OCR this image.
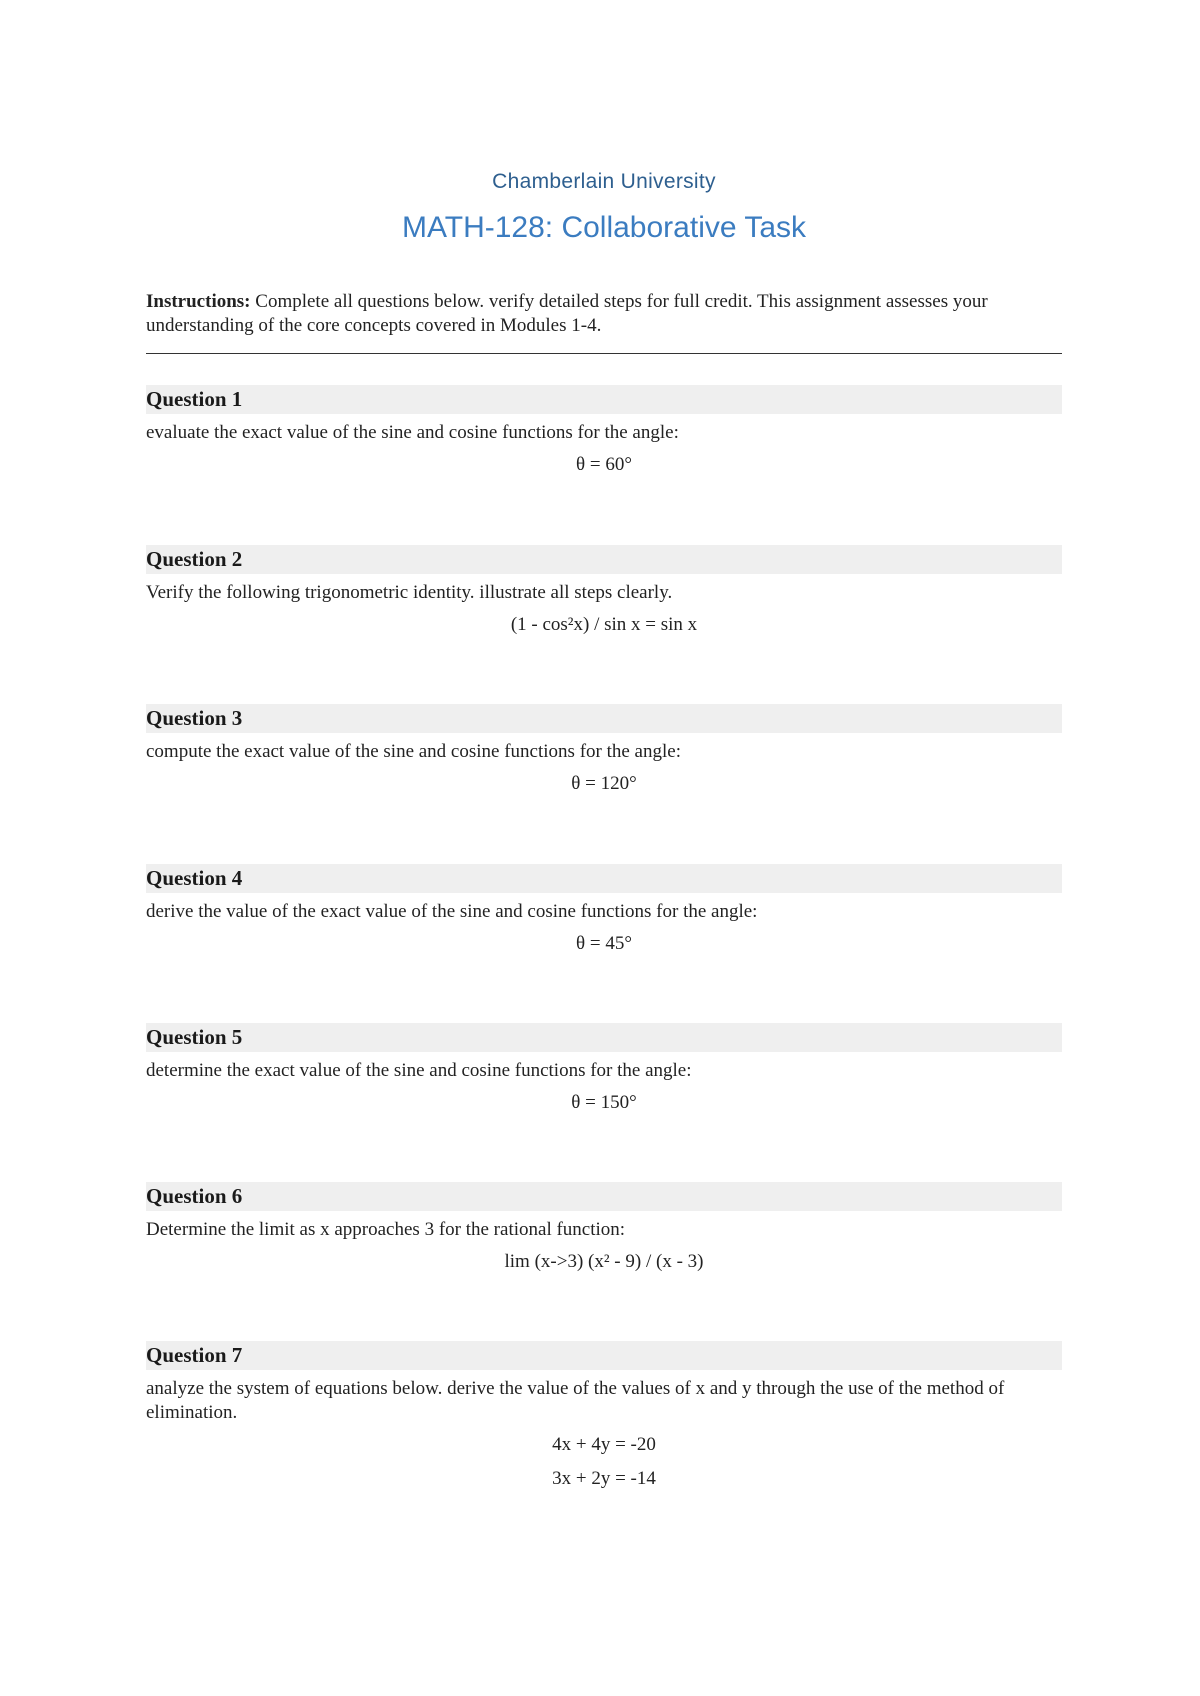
Chamberlain University
MATH-128: Collaborative Task
Instructions: Complete all questions below. verify detailed steps for full credit. This assignment assesses your understanding of the core concepts covered in Modules 1-4.
Question 1
evaluate the exact value of the sine and cosine functions for the angle:
θ = 60°
Question 2
Verify the following trigonometric identity. illustrate all steps clearly.
(1 - cos²x) / sin x = sin x
Question 3
compute the exact value of the sine and cosine functions for the angle:
θ = 120°
Question 4
derive the value of the exact value of the sine and cosine functions for the angle:
θ = 45°
Question 5
determine the exact value of the sine and cosine functions for the angle:
θ = 150°
Question 6
Determine the limit as x approaches 3 for the rational function:
lim (x->3) (x² - 9) / (x - 3)
Question 7
analyze the system of equations below. derive the value of the values of x and y through the use of the method of elimination.
4x + 4y = -20
3x + 2y = -14
